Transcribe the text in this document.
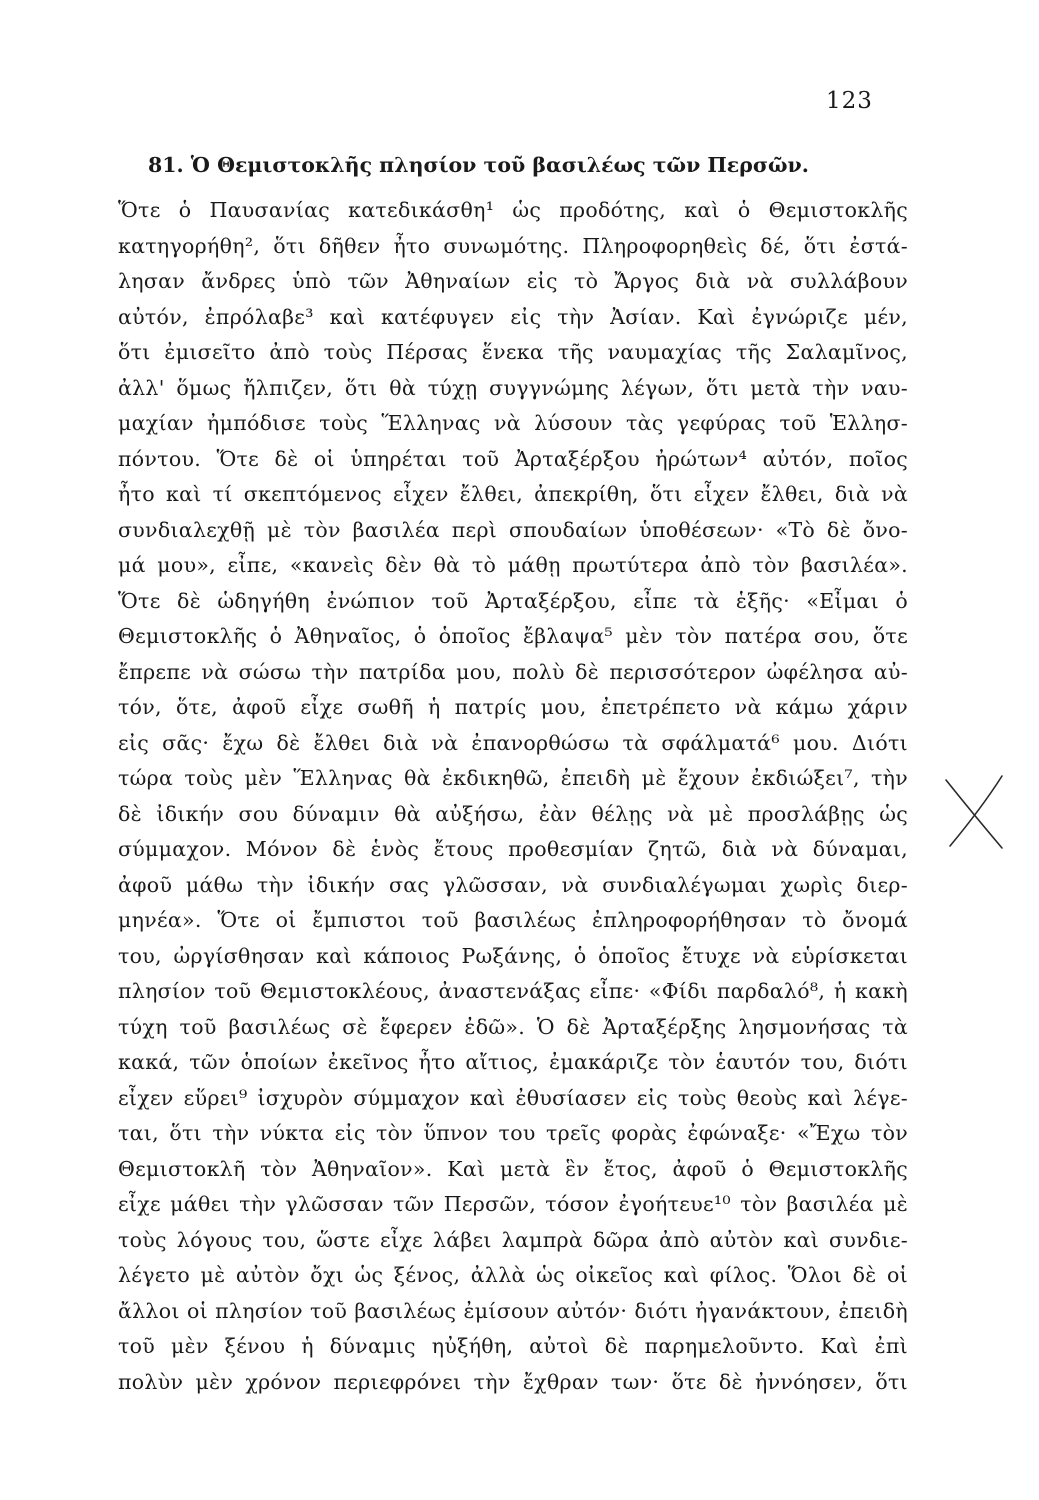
123
81. Ὁ Θεμιστοκλῆς πλησίον τοῦ βασιλέως τῶν Περσῶν.
Ὅτε ὁ Παυσανίας κατεδικάσθη¹ ὡς προδότης, καὶ ὁ Θεμιστοκλῆς
κατηγορήθη², ὅτι δῆθεν ἦτο συνωμότης. Πληροφορηθεὶς δέ, ὅτι ἐστά-
λησαν ἄνδρες ὑπὸ τῶν Ἀθηναίων εἰς τὸ Ἄργος διὰ νὰ συλλάβουν
αὐτόν, ἐπρόλαβε³ καὶ κατέφυγεν εἰς τὴν Ἀσίαν. Καὶ ἐγνώριζε μέν,
ὅτι ἐμισεῖτο ἀπὸ τοὺς Πέρσας ἕνεκα τῆς ναυμαχίας τῆς Σαλαμῖνος,
ἀλλ' ὅμως ἤλπιζεν, ὅτι θὰ τύχῃ συγγνώμης λέγων, ὅτι μετὰ τὴν ναυ-
μαχίαν ἠμπόδισε τοὺς Ἕλληνας νὰ λύσουν τὰς γεφύρας τοῦ Ἑλλησ-
πόντου. Ὅτε δὲ οἱ ὑπηρέται τοῦ Ἀρταξέρξου ἠρώτων⁴ αὐτόν, ποῖος
ἦτο καὶ τί σκεπτόμενος εἶχεν ἔλθει, ἀπεκρίθη, ὅτι εἶχεν ἔλθει, διὰ νὰ
συνδιαλεχθῇ μὲ τὸν βασιλέα περὶ σπουδαίων ὑποθέσεων· «Τὸ δὲ ὄνο-
μά μου», εἶπε, «κανεὶς δὲν θὰ τὸ μάθῃ πρωτύτερα ἀπὸ τὸν βασιλέα».
Ὅτε δὲ ὡδηγήθη ἐνώπιον τοῦ Ἀρταξέρξου, εἶπε τὰ ἑξῆς· «Εἶμαι ὁ
Θεμιστοκλῆς ὁ Ἀθηναῖος, ὁ ὁποῖος ἔβλαψα⁵ μὲν τὸν πατέρα σου, ὅτε
ἔπρεπε νὰ σώσω τὴν πατρίδα μου, πολὺ δὲ περισσότερον ὠφέλησα αὐ-
τόν, ὅτε, ἀφοῦ εἶχε σωθῆ ἡ πατρίς μου, ἐπετρέπετο νὰ κάμω χάριν
εἰς σᾶς· ἔχω δὲ ἔλθει διὰ νὰ ἐπανορθώσω τὰ σφάλματά⁶ μου. Διότι
τώρα τοὺς μὲν Ἕλληνας θὰ ἐκδικηθῶ, ἐπειδὴ μὲ ἔχουν ἐκδιώξει⁷, τὴν
δὲ ἰδικήν σου δύναμιν θὰ αὐξήσω, ἐὰν θέλῃς νὰ μὲ προσλάβῃς ὡς
σύμμαχον. Μόνον δὲ ἑνὸς ἔτους προθεσμίαν ζητῶ, διὰ νὰ δύναμαι,
ἀφοῦ μάθω τὴν ἰδικήν σας γλῶσσαν, νὰ συνδιαλέγωμαι χωρὶς διερ-
μηνέα». Ὅτε οἱ ἔμπιστοι τοῦ βασιλέως ἐπληροφορήθησαν τὸ ὄνομά
του, ὠργίσθησαν καὶ κάποιος Ρωξάνης, ὁ ὁποῖος ἔτυχε νὰ εὑρίσκεται
πλησίον τοῦ Θεμιστοκλέους, ἀναστενάξας εἶπε· «Φίδι παρδαλό⁸, ἡ κακὴ
τύχη τοῦ βασιλέως σὲ ἔφερεν ἐδῶ». Ὁ δὲ Ἀρταξέρξης λησμονήσας τὰ
κακά, τῶν ὁποίων ἐκεῖνος ἦτο αἴτιος, ἐμακάριζε τὸν ἑαυτόν του, διότι
εἶχεν εὕρει⁹ ἰσχυρὸν σύμμαχον καὶ ἐθυσίασεν εἰς τοὺς θεοὺς καὶ λέγε-
ται, ὅτι τὴν νύκτα εἰς τὸν ὕπνον του τρεῖς φορὰς ἐφώναξε· «Ἔχω τὸν
Θεμιστοκλῆ τὸν Ἀθηναῖον». Καὶ μετὰ ἓν ἔτος, ἀφοῦ ὁ Θεμιστοκλῆς
εἶχε μάθει τὴν γλῶσσαν τῶν Περσῶν, τόσον ἐγοήτευε¹⁰ τὸν βασιλέα μὲ
τοὺς λόγους του, ὥστε εἶχε λάβει λαμπρὰ δῶρα ἀπὸ αὐτὸν καὶ συνδιε-
λέγετο μὲ αὐτὸν ὄχι ὡς ξένος, ἀλλὰ ὡς οἰκεῖος καὶ φίλος. Ὅλοι δὲ οἱ
ἄλλοι οἱ πλησίον τοῦ βασιλέως ἐμίσουν αὐτόν· διότι ἠγανάκτουν, ἐπειδὴ
τοῦ μὲν ξένου ἡ δύναμις ηὐξήθη, αὐτοὶ δὲ παρημελοῦντο. Καὶ ἐπὶ
πολὺν μὲν χρόνον περιεφρόνει τὴν ἔχθραν των· ὅτε δὲ ἠννόησεν, ὅτι
